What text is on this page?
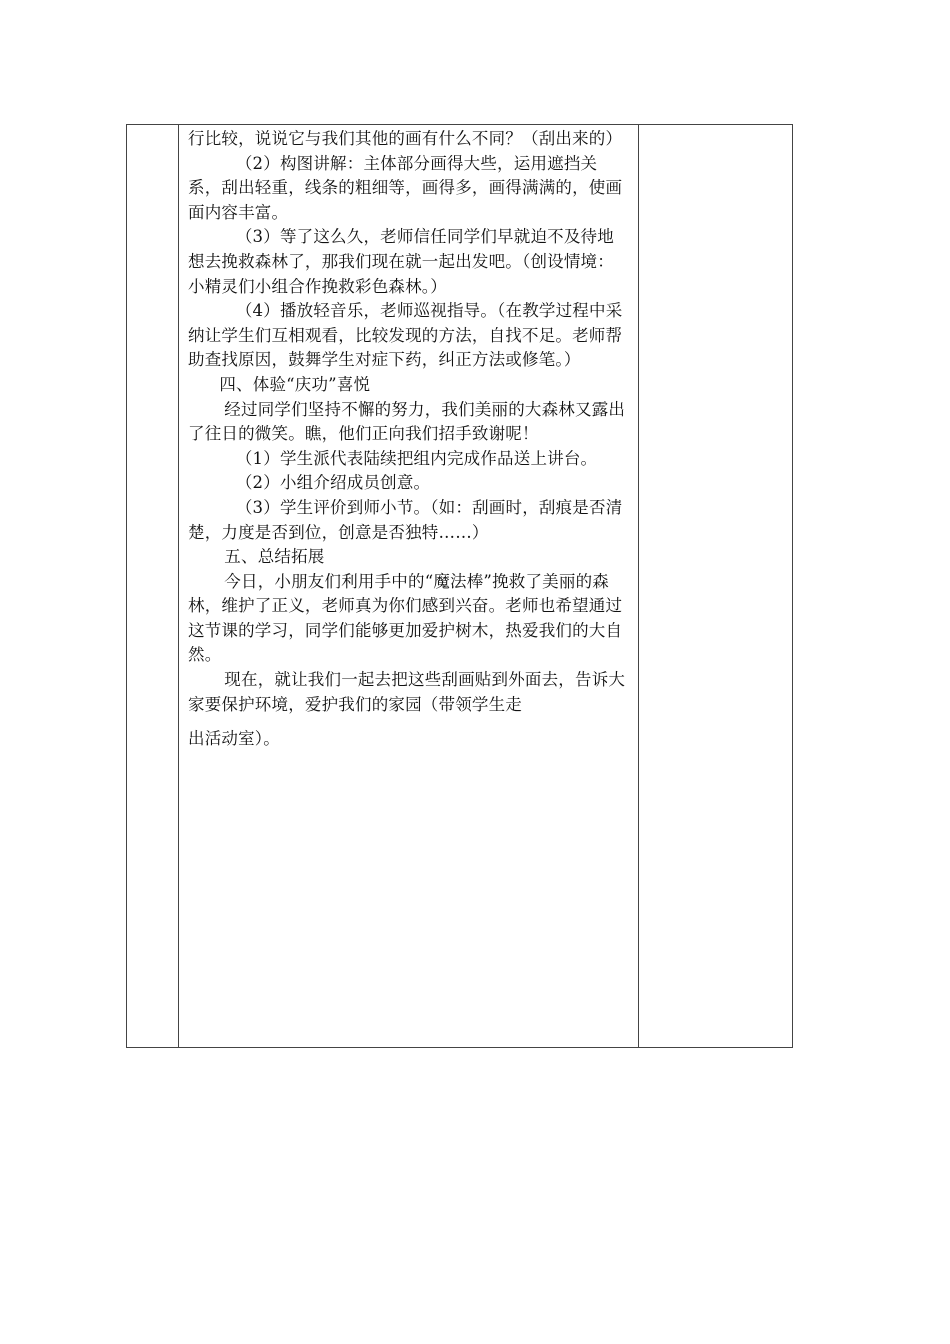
行比较，说说它与我们其他的画有什么不同？（刮出来的）

（2）构图讲解：主体部分画得大些，运用遮挡关系，刮出轻重，线条的粗细等，画得多，画得满满的，使画面内容丰富。

（3）等了这么久，老师信任同学们早就迫不及待地想去挽救森林了，那我们现在就一起出发吧。（创设情境：小精灵们小组合作挽救彩色森林。）

（4）播放轻音乐，老师巡视指导。（在教学过程中采纳让学生们互相观看，比较发现的方法，自找不足。老师帮助查找原因，鼓舞学生对症下药，纠正方法或修笔。）

四、体验“庆功”喜悦

经过同学们坚持不懈的努力，我们美丽的大森林又露出了往日的微笑。瞧，他们正向我们招手致谢呢！

（1）学生派代表陆续把组内完成作品送上讲台。

（2）小组介绍成员创意。

（3）学生评价到师小节。（如：刮画时，刮痕是否清楚，力度是否到位，创意是否独特……）

五、总结拓展

今日，小朋友们利用手中的“魔法棒”挽救了美丽的森林，维护了正义，老师真为你们感到兴奋。老师也希望通过这节课的学习，同学们能够更加爱护树木，热爱我们的大自然。

现在，就让我们一起去把这些刮画贴到外面去，告诉大家要保护环境，爱护我们的家园（带领学生走

出活动室）。
